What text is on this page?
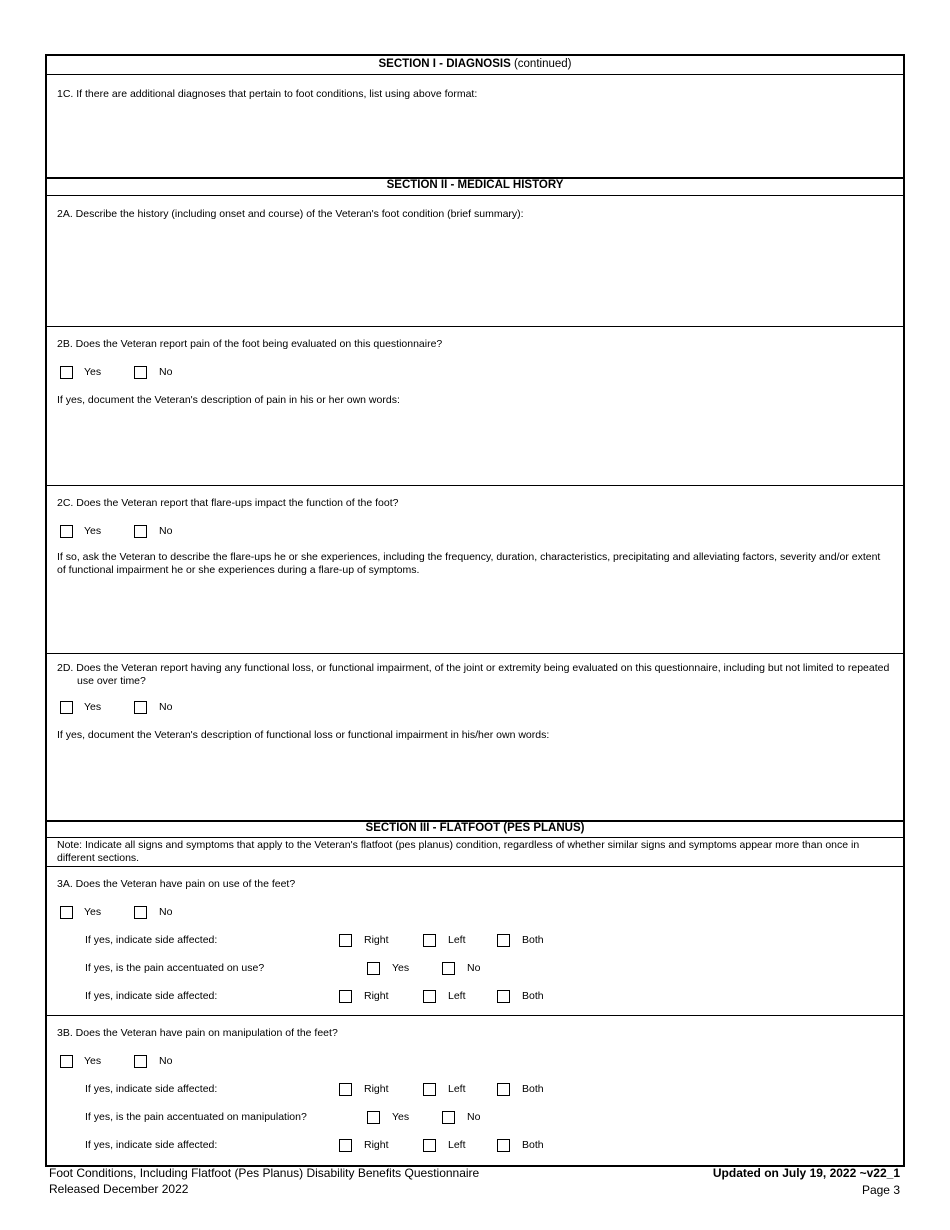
SECTION I - DIAGNOSIS (continued)
1C. If there are additional diagnoses that pertain to foot conditions, list using above format:
SECTION II - MEDICAL HISTORY
2A. Describe the history (including onset and course) of the Veteran's foot condition (brief summary):
2B. Does the Veteran report pain of the foot being evaluated on this questionnaire?
Yes	No
If yes, document the Veteran's description of pain in his or her own words:
2C. Does the Veteran report that flare-ups impact the function of the foot?
Yes	No
If so, ask the Veteran to describe the flare-ups he or she experiences, including the frequency, duration, characteristics, precipitating and alleviating factors, severity and/or extent of functional impairment he or she experiences during a flare-up of symptoms.
2D. Does the Veteran report having any functional loss, or functional impairment, of the joint or extremity being evaluated on this questionnaire, including but not limited to repeated use over time?
Yes	No
If yes, document the Veteran's description of functional loss or functional impairment in his/her own words:
SECTION III - FLATFOOT (PES PLANUS)
Note: Indicate all signs and symptoms that apply to the Veteran's flatfoot (pes planus) condition, regardless of whether similar signs and symptoms appear more than once in different sections.
3A. Does the Veteran have pain on use of the feet?
Yes	No
If yes, indicate side affected:	Right	Left	Both
If yes, is the pain accentuated on use?	Yes	No
If yes, indicate side affected:	Right	Left	Both
3B. Does the Veteran have pain on manipulation of the feet?
Yes	No
If yes, indicate side affected:	Right	Left	Both
If yes, is the pain accentuated on manipulation?	Yes	No
If yes, indicate side affected:	Right	Left	Both
Foot Conditions, Including Flatfoot (Pes Planus) Disability Benefits Questionnaire
Released December 2022
Updated on July 19, 2022 ~v22_1
Page 3
